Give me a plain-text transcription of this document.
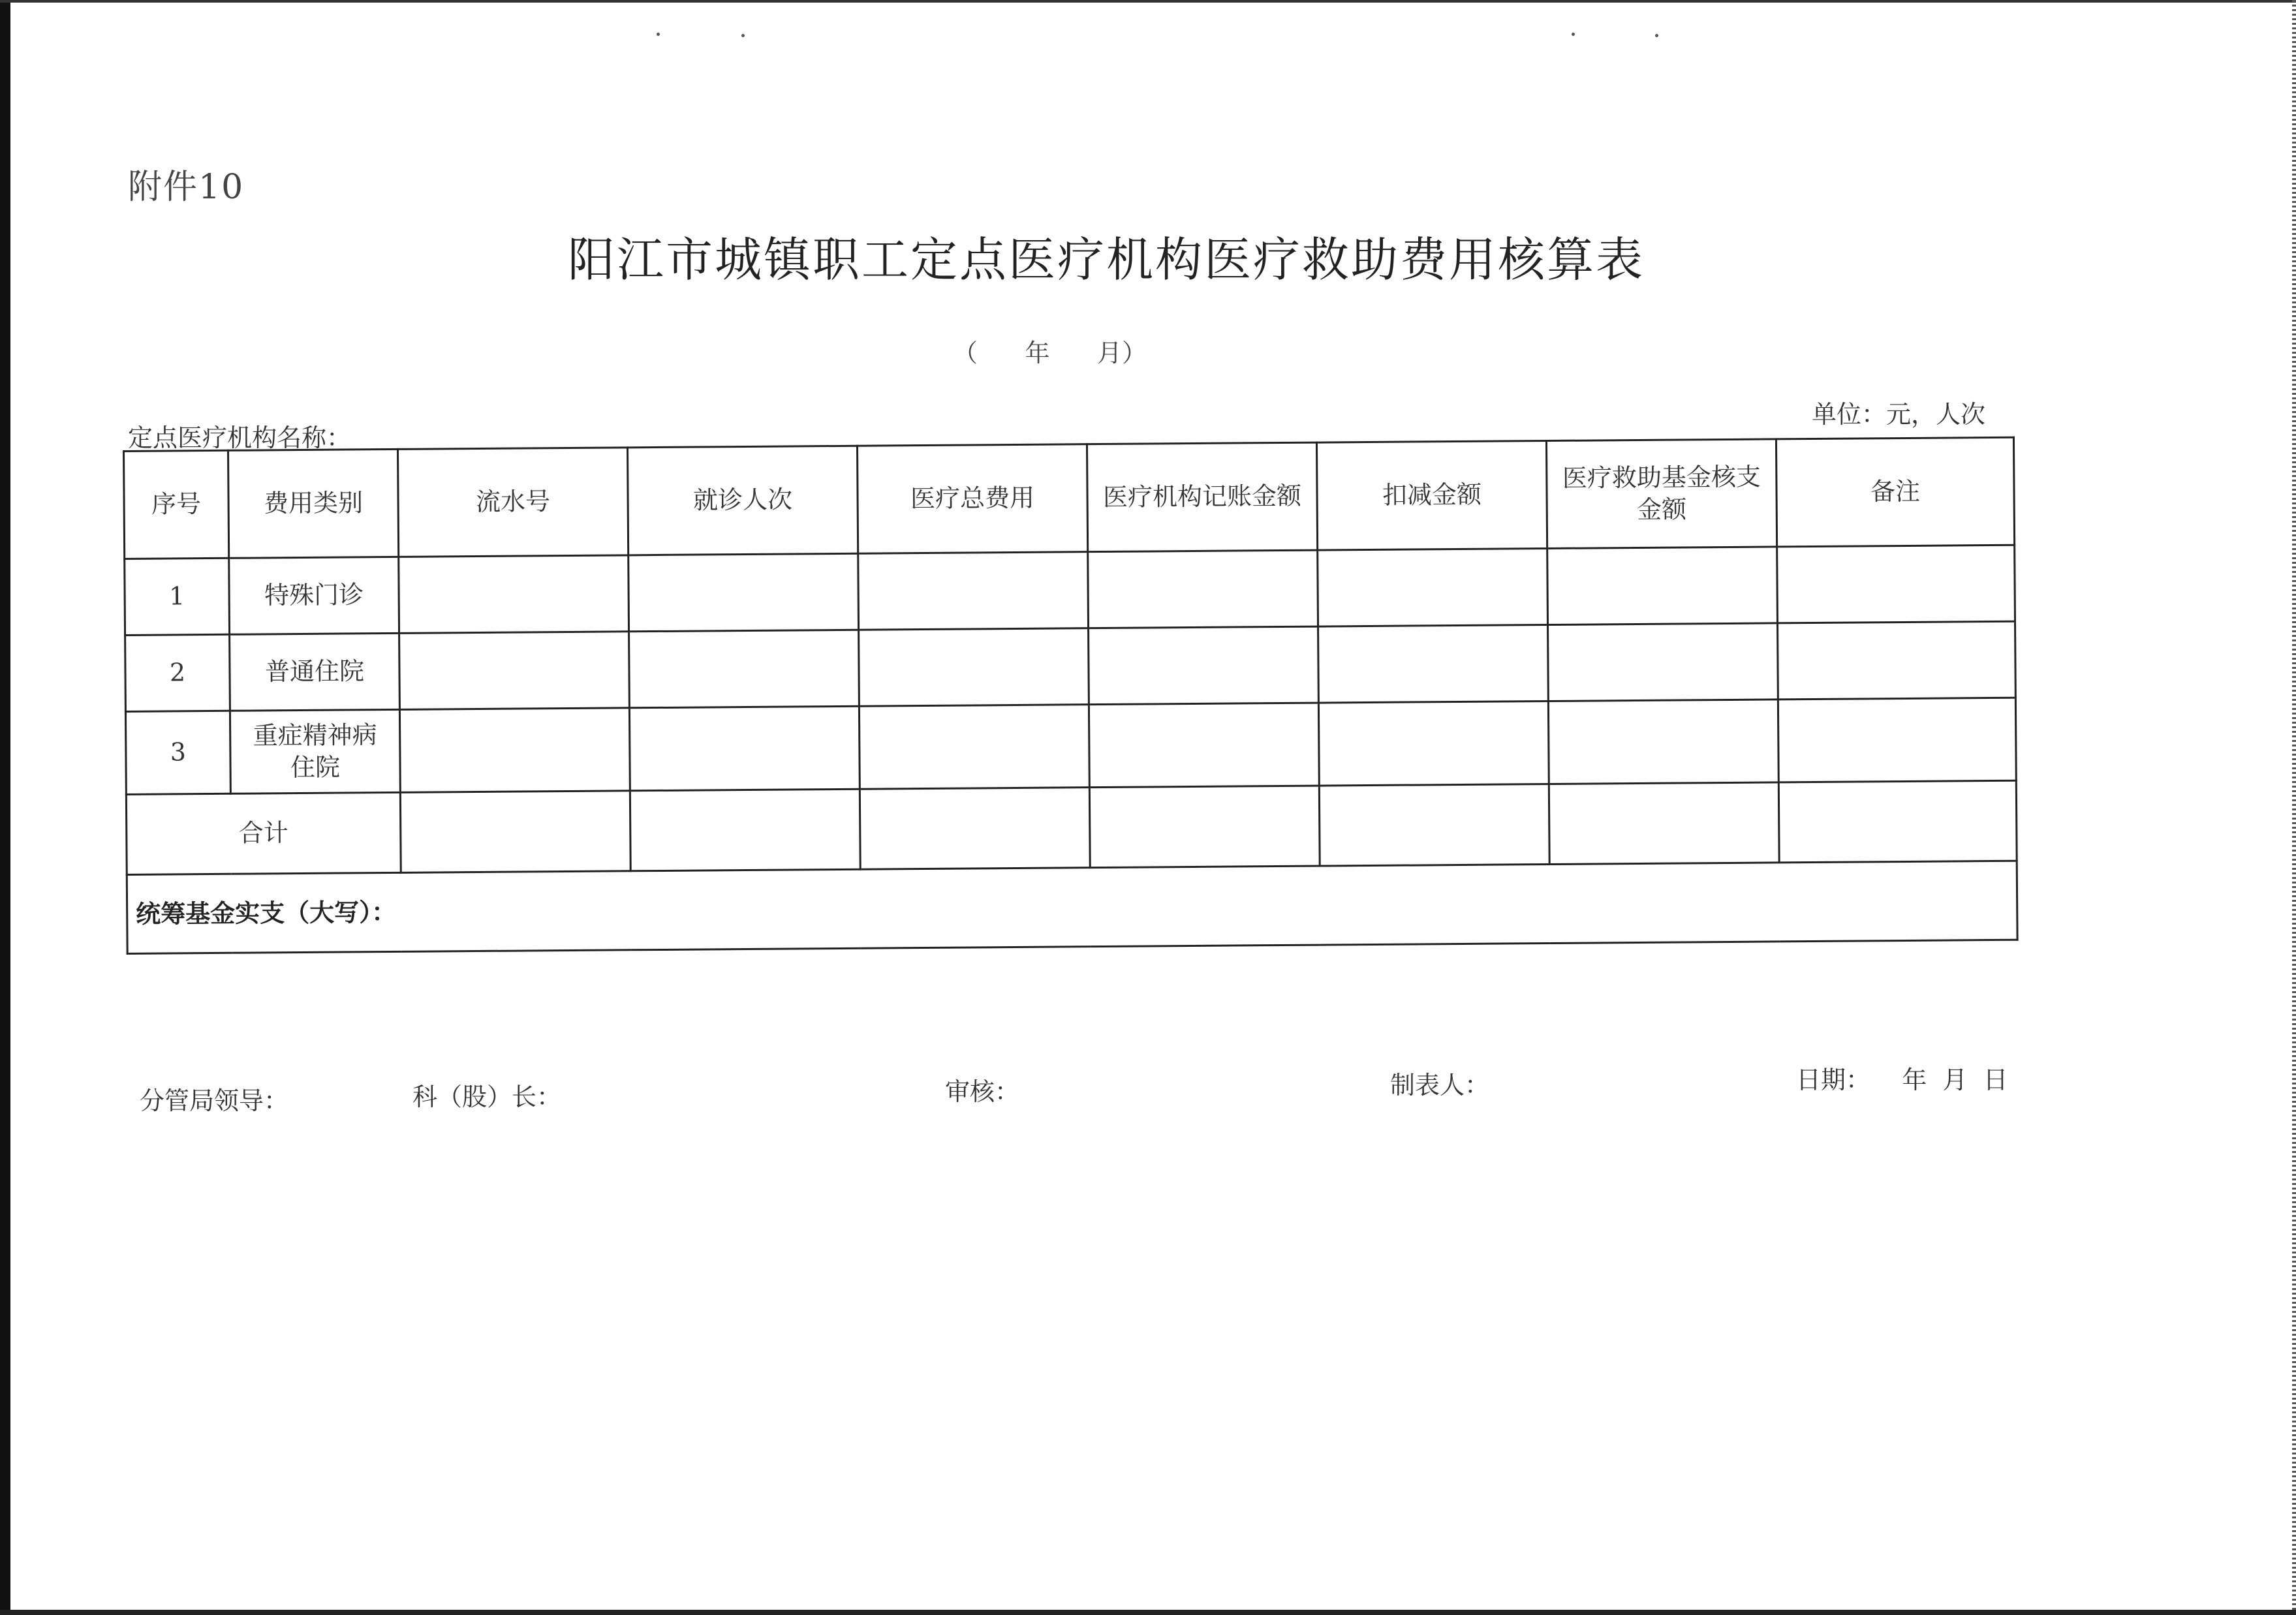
附件10
阳江市城镇职工定点医疗机构医疗救助费用核算表
（      年      月）
单位：元，人次
定点医疗机构名称：
序号	费用类别	流水号	就诊人次	医疗总费用	医疗机构记账金额	扣减金额	医疗救助基金核支金额	备注
1	特殊门诊							
2	普通住院							
3	重症精神病住院							
合计								
统筹基金实支（大写）：								
分管局领导：	科（股）长：	审核：	制表人：	日期：    年  月  日
